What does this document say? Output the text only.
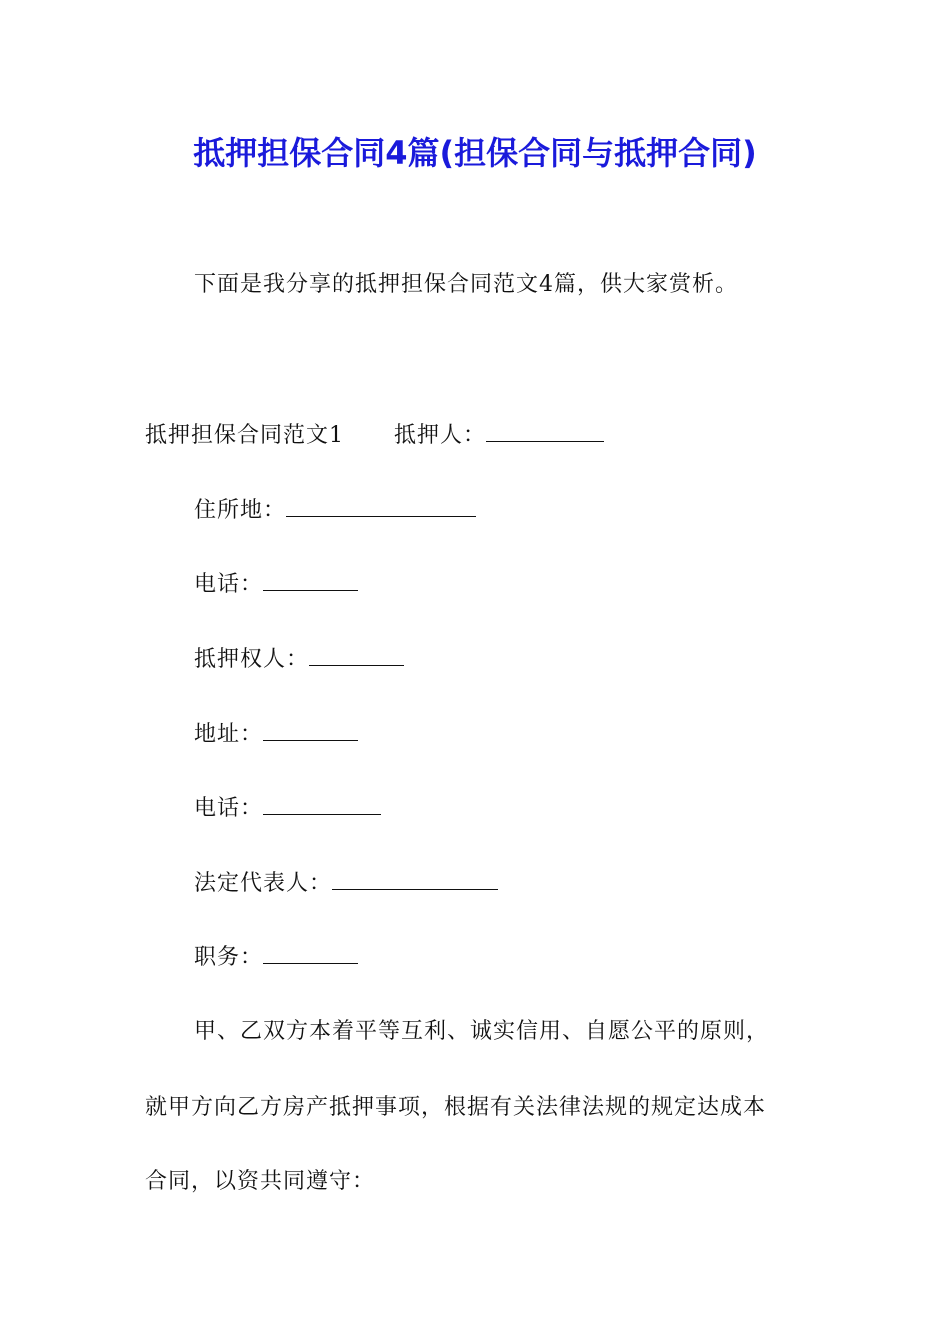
抵押担保合同4篇(担保合同与抵押合同)
下面是我分享的抵押担保合同范文4篇，供大家赏析。
抵押担保合同范文1 抵押人：
住所地：
电话：
抵押权人：
地址：
电话：
法定代表人：
职务：
甲、乙双方本着平等互利、诚实信用、自愿公平的原则，
就甲方向乙方房产抵押事项，根据有关法律法规的规定达成本
合同，以资共同遵守：
